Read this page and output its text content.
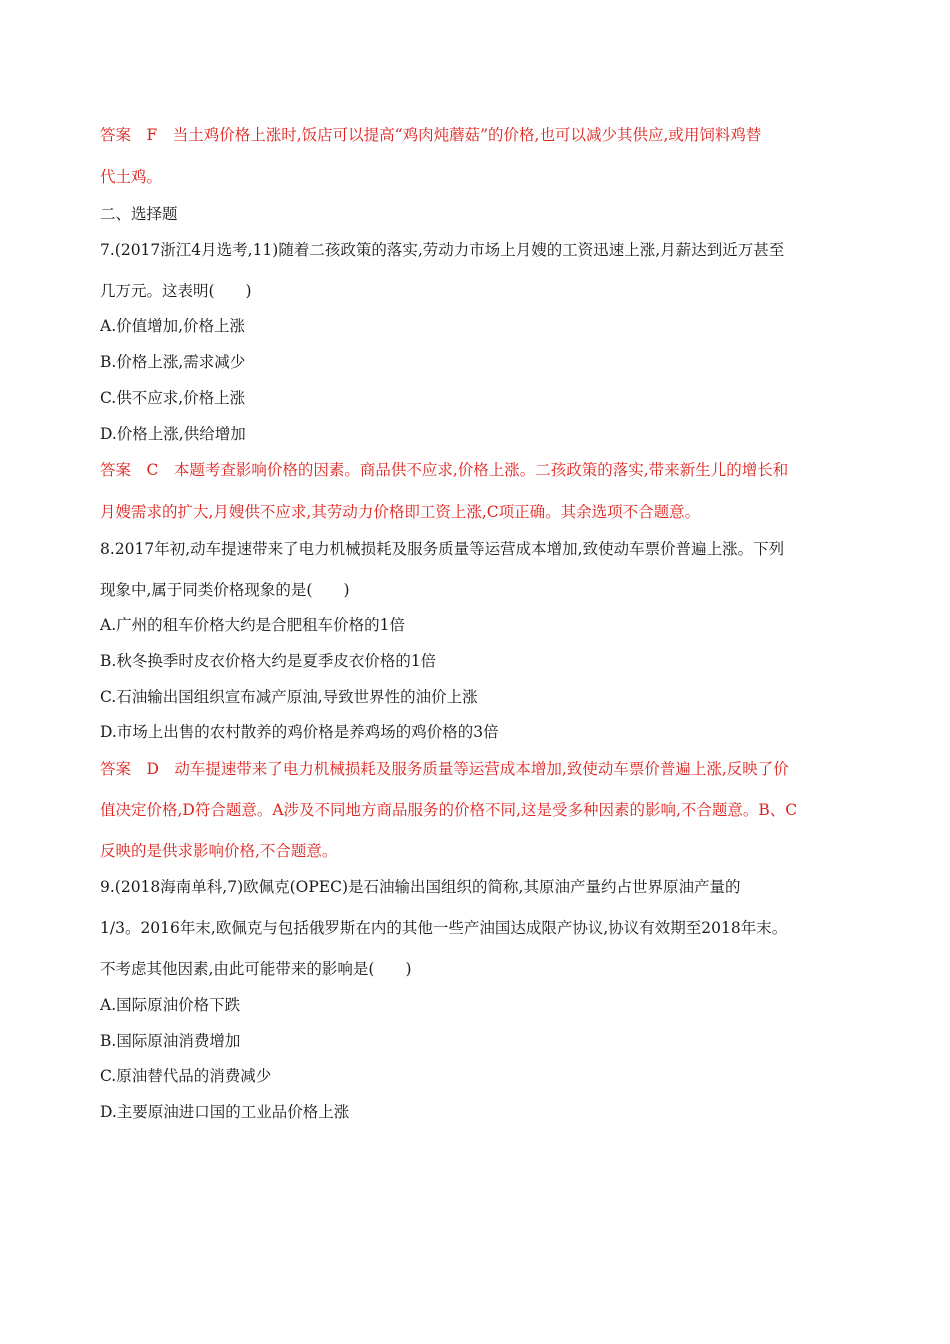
答案　F　当土鸡价格上涨时,饭店可以提高“鸡肉炖蘑菇”的价格,也可以减少其供应,或用饲料鸡替
代土鸡。
二、选择题
7.(2017浙江4月选考,11)随着二孩政策的落实,劳动力市场上月嫂的工资迅速上涨,月薪达到近万甚至
几万元。这表明(　　)
A.价值增加,价格上涨
B.价格上涨,需求减少
C.供不应求,价格上涨
D.价格上涨,供给增加
答案　C　本题考查影响价格的因素。商品供不应求,价格上涨。二孩政策的落实,带来新生儿的增长和
月嫂需求的扩大,月嫂供不应求,其劳动力价格即工资上涨,C项正确。其余选项不合题意。
8.2017年初,动车提速带来了电力机械损耗及服务质量等运营成本增加,致使动车票价普遍上涨。下列
现象中,属于同类价格现象的是(　　)
A.广州的租车价格大约是合肥租车价格的1倍
B.秋冬换季时皮衣价格大约是夏季皮衣价格的1倍
C.石油输出国组织宣布减产原油,导致世界性的油价上涨
D.市场上出售的农村散养的鸡价格是养鸡场的鸡价格的3倍
答案　D　动车提速带来了电力机械损耗及服务质量等运营成本增加,致使动车票价普遍上涨,反映了价
值决定价格,D符合题意。A涉及不同地方商品服务的价格不同,这是受多种因素的影响,不合题意。B、C
反映的是供求影响价格,不合题意。
9.(2018海南单科,7)欧佩克(OPEC)是石油输出国组织的简称,其原油产量约占世界原油产量的
1/3。2016年末,欧佩克与包括俄罗斯在内的其他一些产油国达成限产协议,协议有效期至2018年末。
不考虑其他因素,由此可能带来的影响是(　　)
A.国际原油价格下跌
B.国际原油消费增加
C.原油替代品的消费减少
D.主要原油进口国的工业品价格上涨
